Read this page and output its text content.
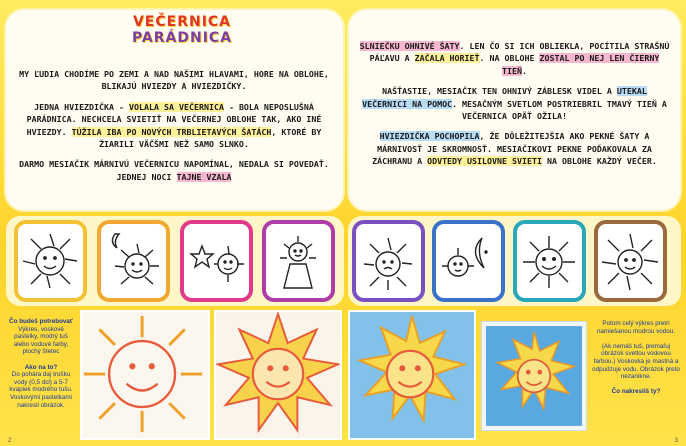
VEČERNICA
PARÁDNICA

MY ĽUDIA CHODÍME PO ZEMI A NAD NAŠIMI HLAVAMI, HORE NA OBLOHE, BLIKAJÚ HVIEZDY A HVIEZDIČKY.

JEDNA HVIEZDIČKA - VOLALA SA VEČERNICA - BOLA NEPOSLUŠNÁ PARÁDNICA. NECHCELA SVIETIŤ NA VEČERNEJ OBLOHE TAK, AKO INÉ HVIEZDY. TÚŽILA IBA PO NOVÝCH TRBLIETAVÝCH ŠATÁCH, KTORÉ BY ŽIARILI VÄČŠMI NEŽ SAMO SLNKO.

DARMO MESIAČIK MÁRNIVÚ VEČERNICU NAPOMÍNAL, NEDALA SI POVEDAŤ. JEDNEJ NOCI TAJNE VZALA

SLNIEČKU OHNIVÉ ŠATY. LEN ČO SI ICH OBLIEKLA, POCÍTILA STRAŠNÚ PÁĽAVU A ZAČALA HORIEŤ. NA OBLOHE ZOSTAL PO NEJ LEN ČIERNY TIEŇ.

NAŠŤASTIE, MESIAČIK TEN OHNIVÝ ZÁBLESK VIDEL A UTEKAL VEČERNICI NA POMOC. MESAČNÝM SVETLOM POSTRIEBRIL TMAVÝ TIEŇ A VEČERNICA OPÄŤ OŽILA!

HVIEZDIČKA POCHOPILA, ŽE DÔLEŽITEJŠIA AKO PEKNÉ ŠATY A MÁRNIVOSŤ JE SKROMNOSŤ. MESIAČIKOVI PEKNE POĎAKOVALA ZA ZÁCHRANU A ODVTEDY USILOVNE SVIETI NA OBLOHE KAŽDÝ VEČER.

Čo budeš potrebovať
Výkres, voskové pastelky, modrý tuš alebo vodové farby, plochý štetec

Ako na to?
Do pohára daj trošku vody (0,5 dcl) a 5-7 kvapiek modrého tušu. Voskovými pastelkami nakresli obrázok.
Potom celý výkres pretri namiešanou modrou vodou.

(Ak nemáš tuš, premaľuj obrázok svetlou vodovou farbou.) Voskovka je mastná a odpudzuje vodu. Obrázok preto nezanikne.

Čo nakreslíš ty?
2	3
